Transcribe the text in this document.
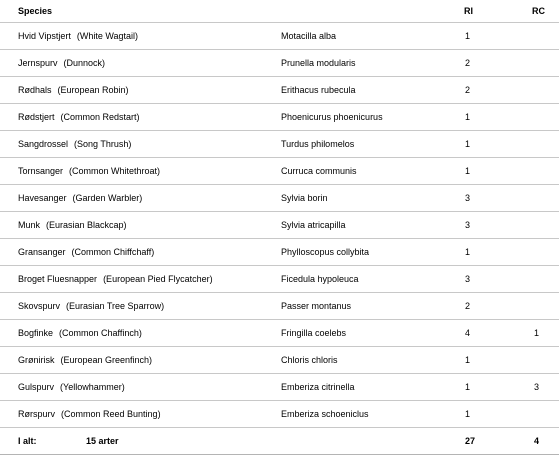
Species		RI	RC
Hvid Vipstjert (White Wagtail)	Motacilla alba	1	
Jernspurv (Dunnock)	Prunella modularis	2	
Rødhals (European Robin)	Erithacus rubecula	2	
Rødstjert (Common Redstart)	Phoenicurus phoenicurus	1	
Sangdrossel (Song Thrush)	Turdus philomelos	1	
Tornsanger (Common Whitethroat)	Curruca communis	1	
Havesanger (Garden Warbler)	Sylvia borin	3	
Munk (Eurasian Blackcap)	Sylvia atricapilla	3	
Gransanger (Common Chiffchaff)	Phylloscopus collybita	1	
Broget Fluesnapper (European Pied Flycatcher)	Ficedula hypoleuca	3	
Skovspurv (Eurasian Tree Sparrow)	Passer montanus	2	
Bogfinke (Common Chaffinch)	Fringilla coelebs	4	1
Grønirisk (European Greenfinch)	Chloris chloris	1	
Gulspurv (Yellowhammer)	Emberiza citrinella	1	3
Rørspurv (Common Reed Bunting)	Emberiza schoeniclus	1	
I alt: 15 arter		27	4
